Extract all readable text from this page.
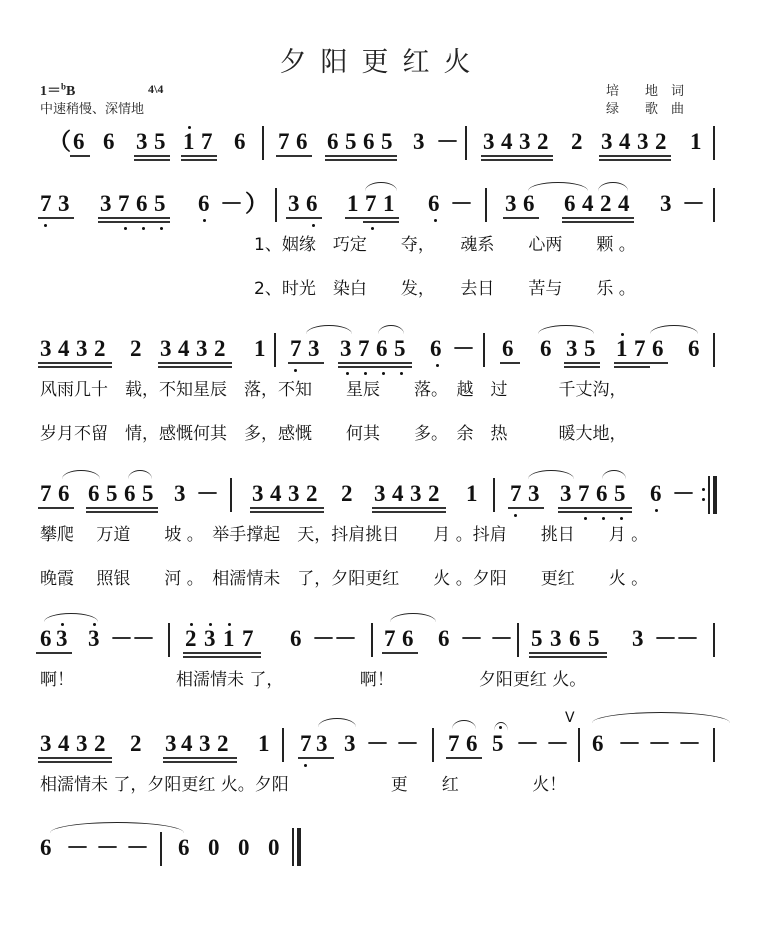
夕阳更红火
1＝$^b$B	4\4
中速稍慢、深情地
培　　地　词
绿　　歌　曲
（ 6 6 3 5 1 7 6 7 6 6 5 6 5 3 － 3 4 3 2 2 3 4 3 2 1
7 3 3 7 6 5 6 － ） 3 6 1 7 1 6 － 3 6 6 4 2 4 3 －
1、姻缘　巧定　　夺，　　魂系　　心两　　颗 。
2、时光　染白　　发，　　去日　　苦与　　乐 。
3 4 3 2 2 3 4 3 2 1 7 3 3 7 6 5 6 － 6 6 3 5 1 7 6 6
风雨几十　载，不知星辰　落，不知　　星辰　　落。　越　过　　　千丈沟，
岁月不留　情，感慨何其　多，感慨　　何其　　多。　余　热　　　暖大地，
7 6 6 5 6 5 3 － 3 4 3 2 2 3 4 3 2 1 7 3 3 7 6 5 6 －
攀爬　 万道　　坡 。　举手撑起　天，抖肩挑日　　月 。抖肩　　挑日　　月 。
晚霞　 照银　　河 。　相濡情未　了，夕阳更红　　火 。夕阳　　更红　　火 。
6 3 3 － － 2 3 1 7 6 － － 7 6 6 － － 5 3 6 5 3 － －
啊！　　　　　　相濡情未 了，　　　　　啊！　　　　　夕阳更红 火。
V
3 4 3 2 2 3 4 3 2 1 7 3 3 － － 7 6 5 － － 6 － － －
相濡情未 了，夕阳更红 火。夕阳　　　　　　更　　红　　　　 火！
6 － － － 6 0 0 0
